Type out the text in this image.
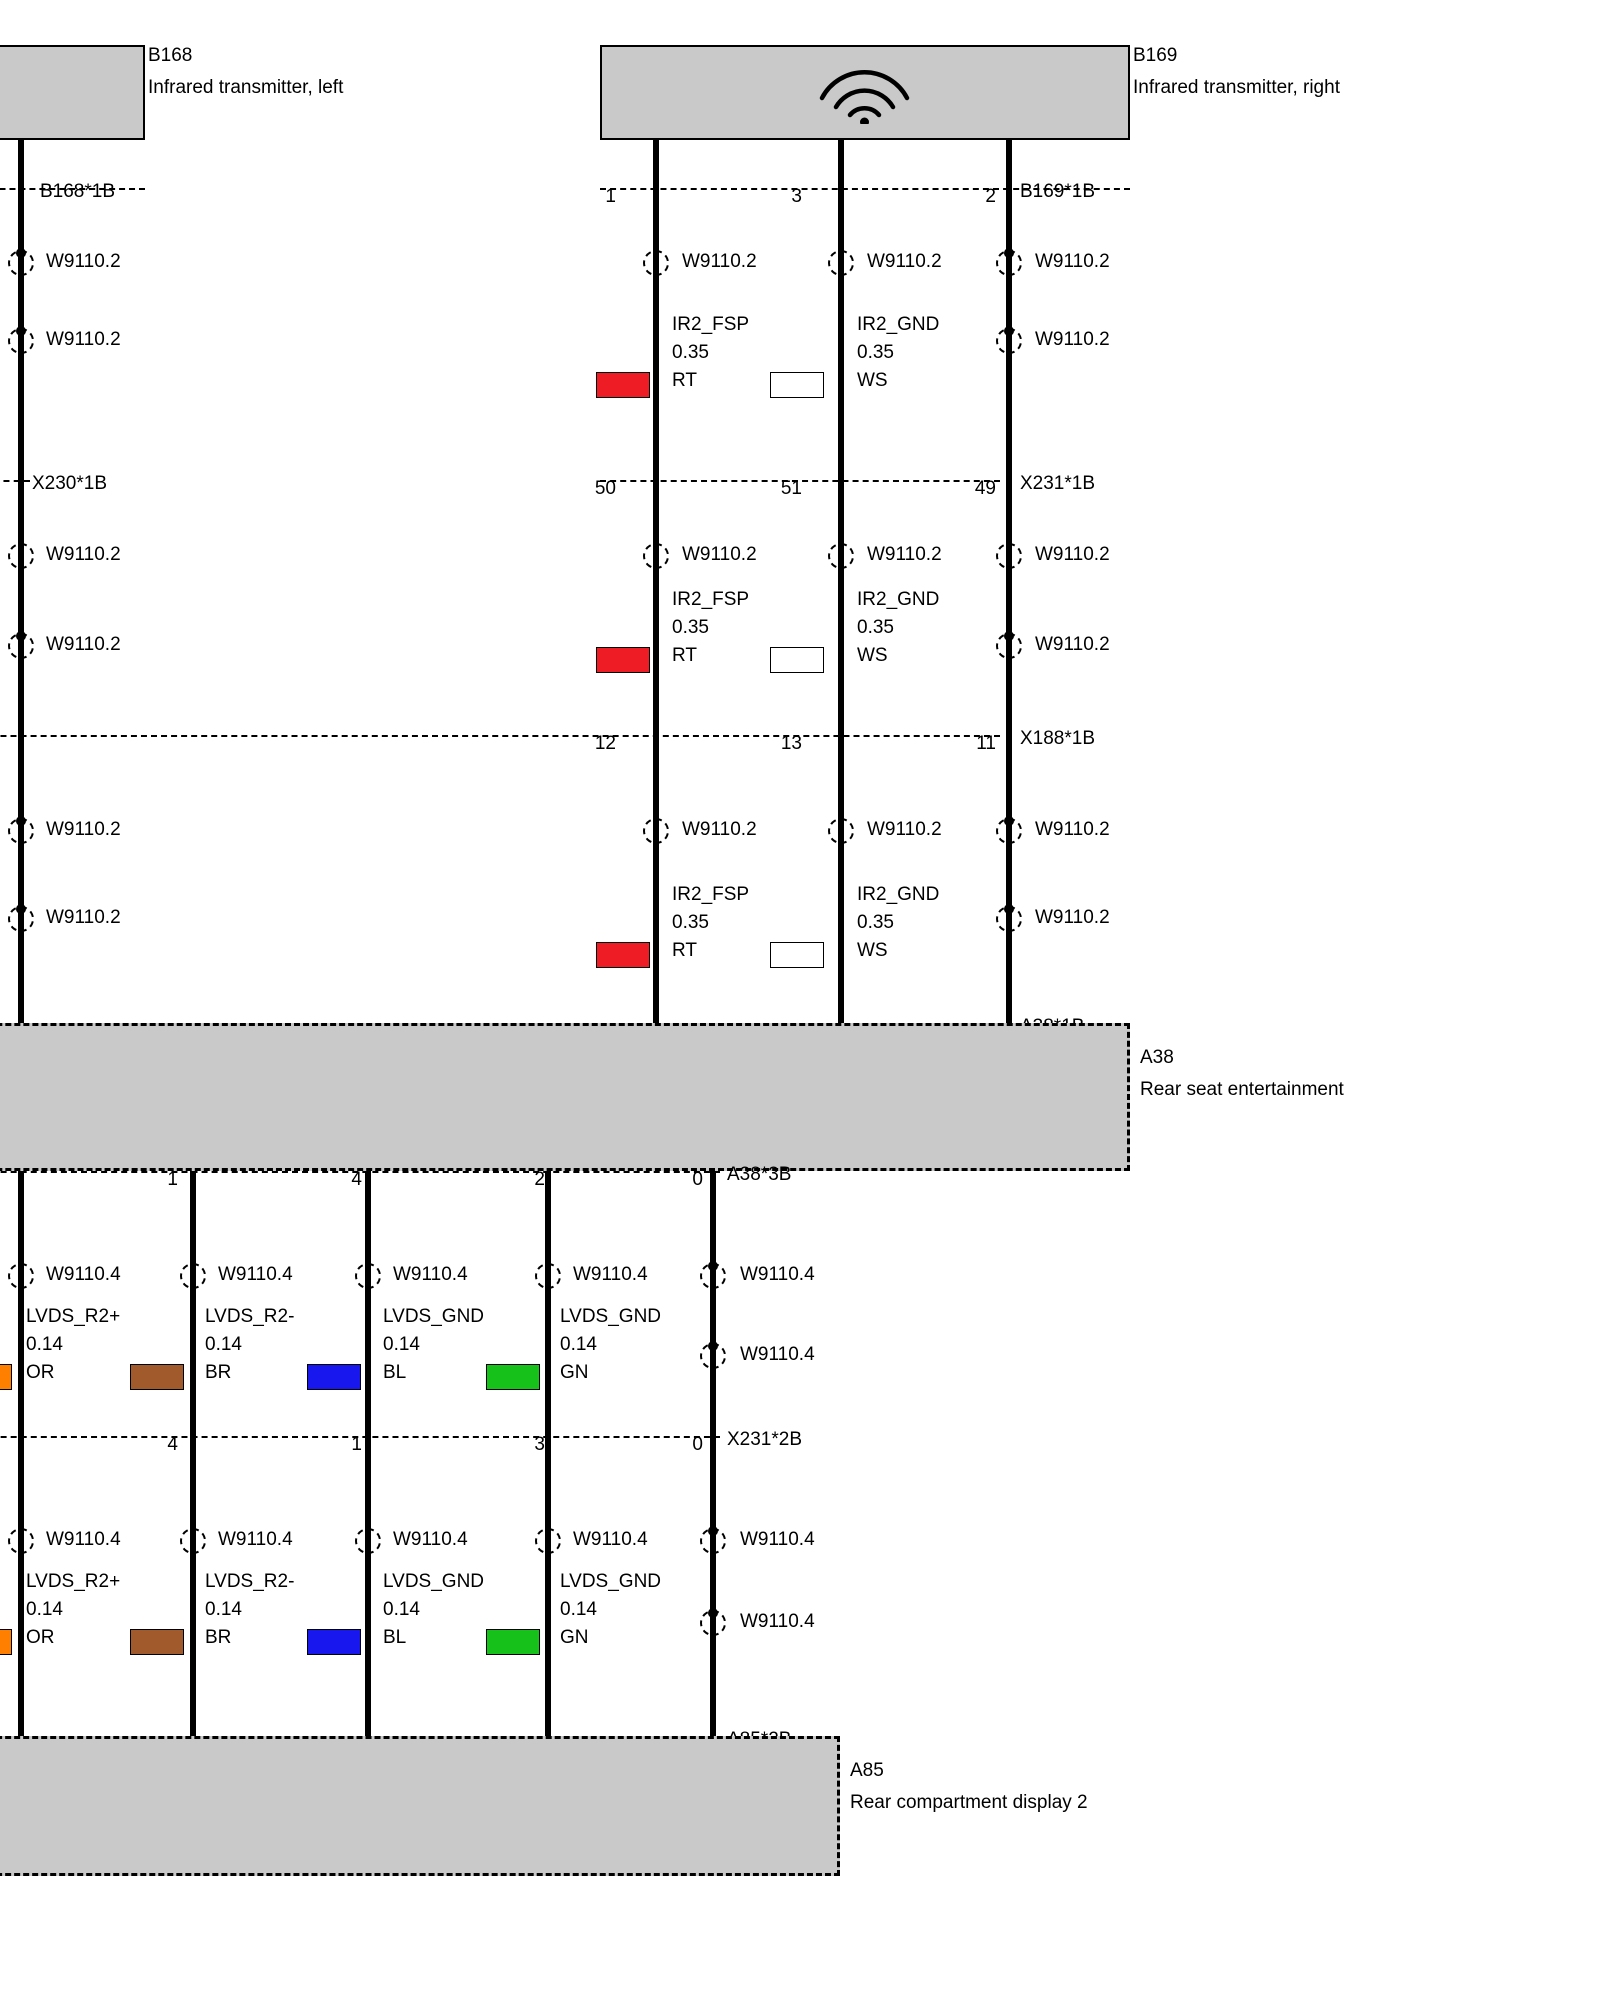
B168
Infrared transmitter, left
B169
Infrared transmitter, right
1	3	2
50	51	49
12	13	11
B168*1B	B169*1B
X230*1B	X231*1B
X188*1B
W9110.2	W9110.2	W9110.2	W9110.2
W9110.2	W9110.2
IR2_FSP
0.35
RT
IR2_GND
0.35
WS
W9110.2	W9110.2	W9110.2	W9110.2
W9110.2	W9110.2
IR2_FSP
0.35
RT
IR2_GND
0.35
WS
W9110.2	W9110.2	W9110.2	W9110.2
W9110.2	W9110.2
IR2_FSP
0.35
RT
IR2_GND
0.35
WS
A38
Rear seat entertainment
A38*3B
1	4	2	0
W9110.4	W9110.4	W9110.4	W9110.4	W9110.4
W9110.4
LVDS_R2+
0.14
OR
LVDS_R2-
0.14
BR
LVDS_GND
0.14
BL
LVDS_GND
0.14
GN
X231*2B
4	1	3	0
W9110.4	W9110.4	W9110.4	W9110.4	W9110.4
W9110.4
LVDS_R2+
0.14
OR
LVDS_R2-
0.14
BR
LVDS_GND
0.14
BL
LVDS_GND
0.14
GN
A85
Rear compartment display 2
